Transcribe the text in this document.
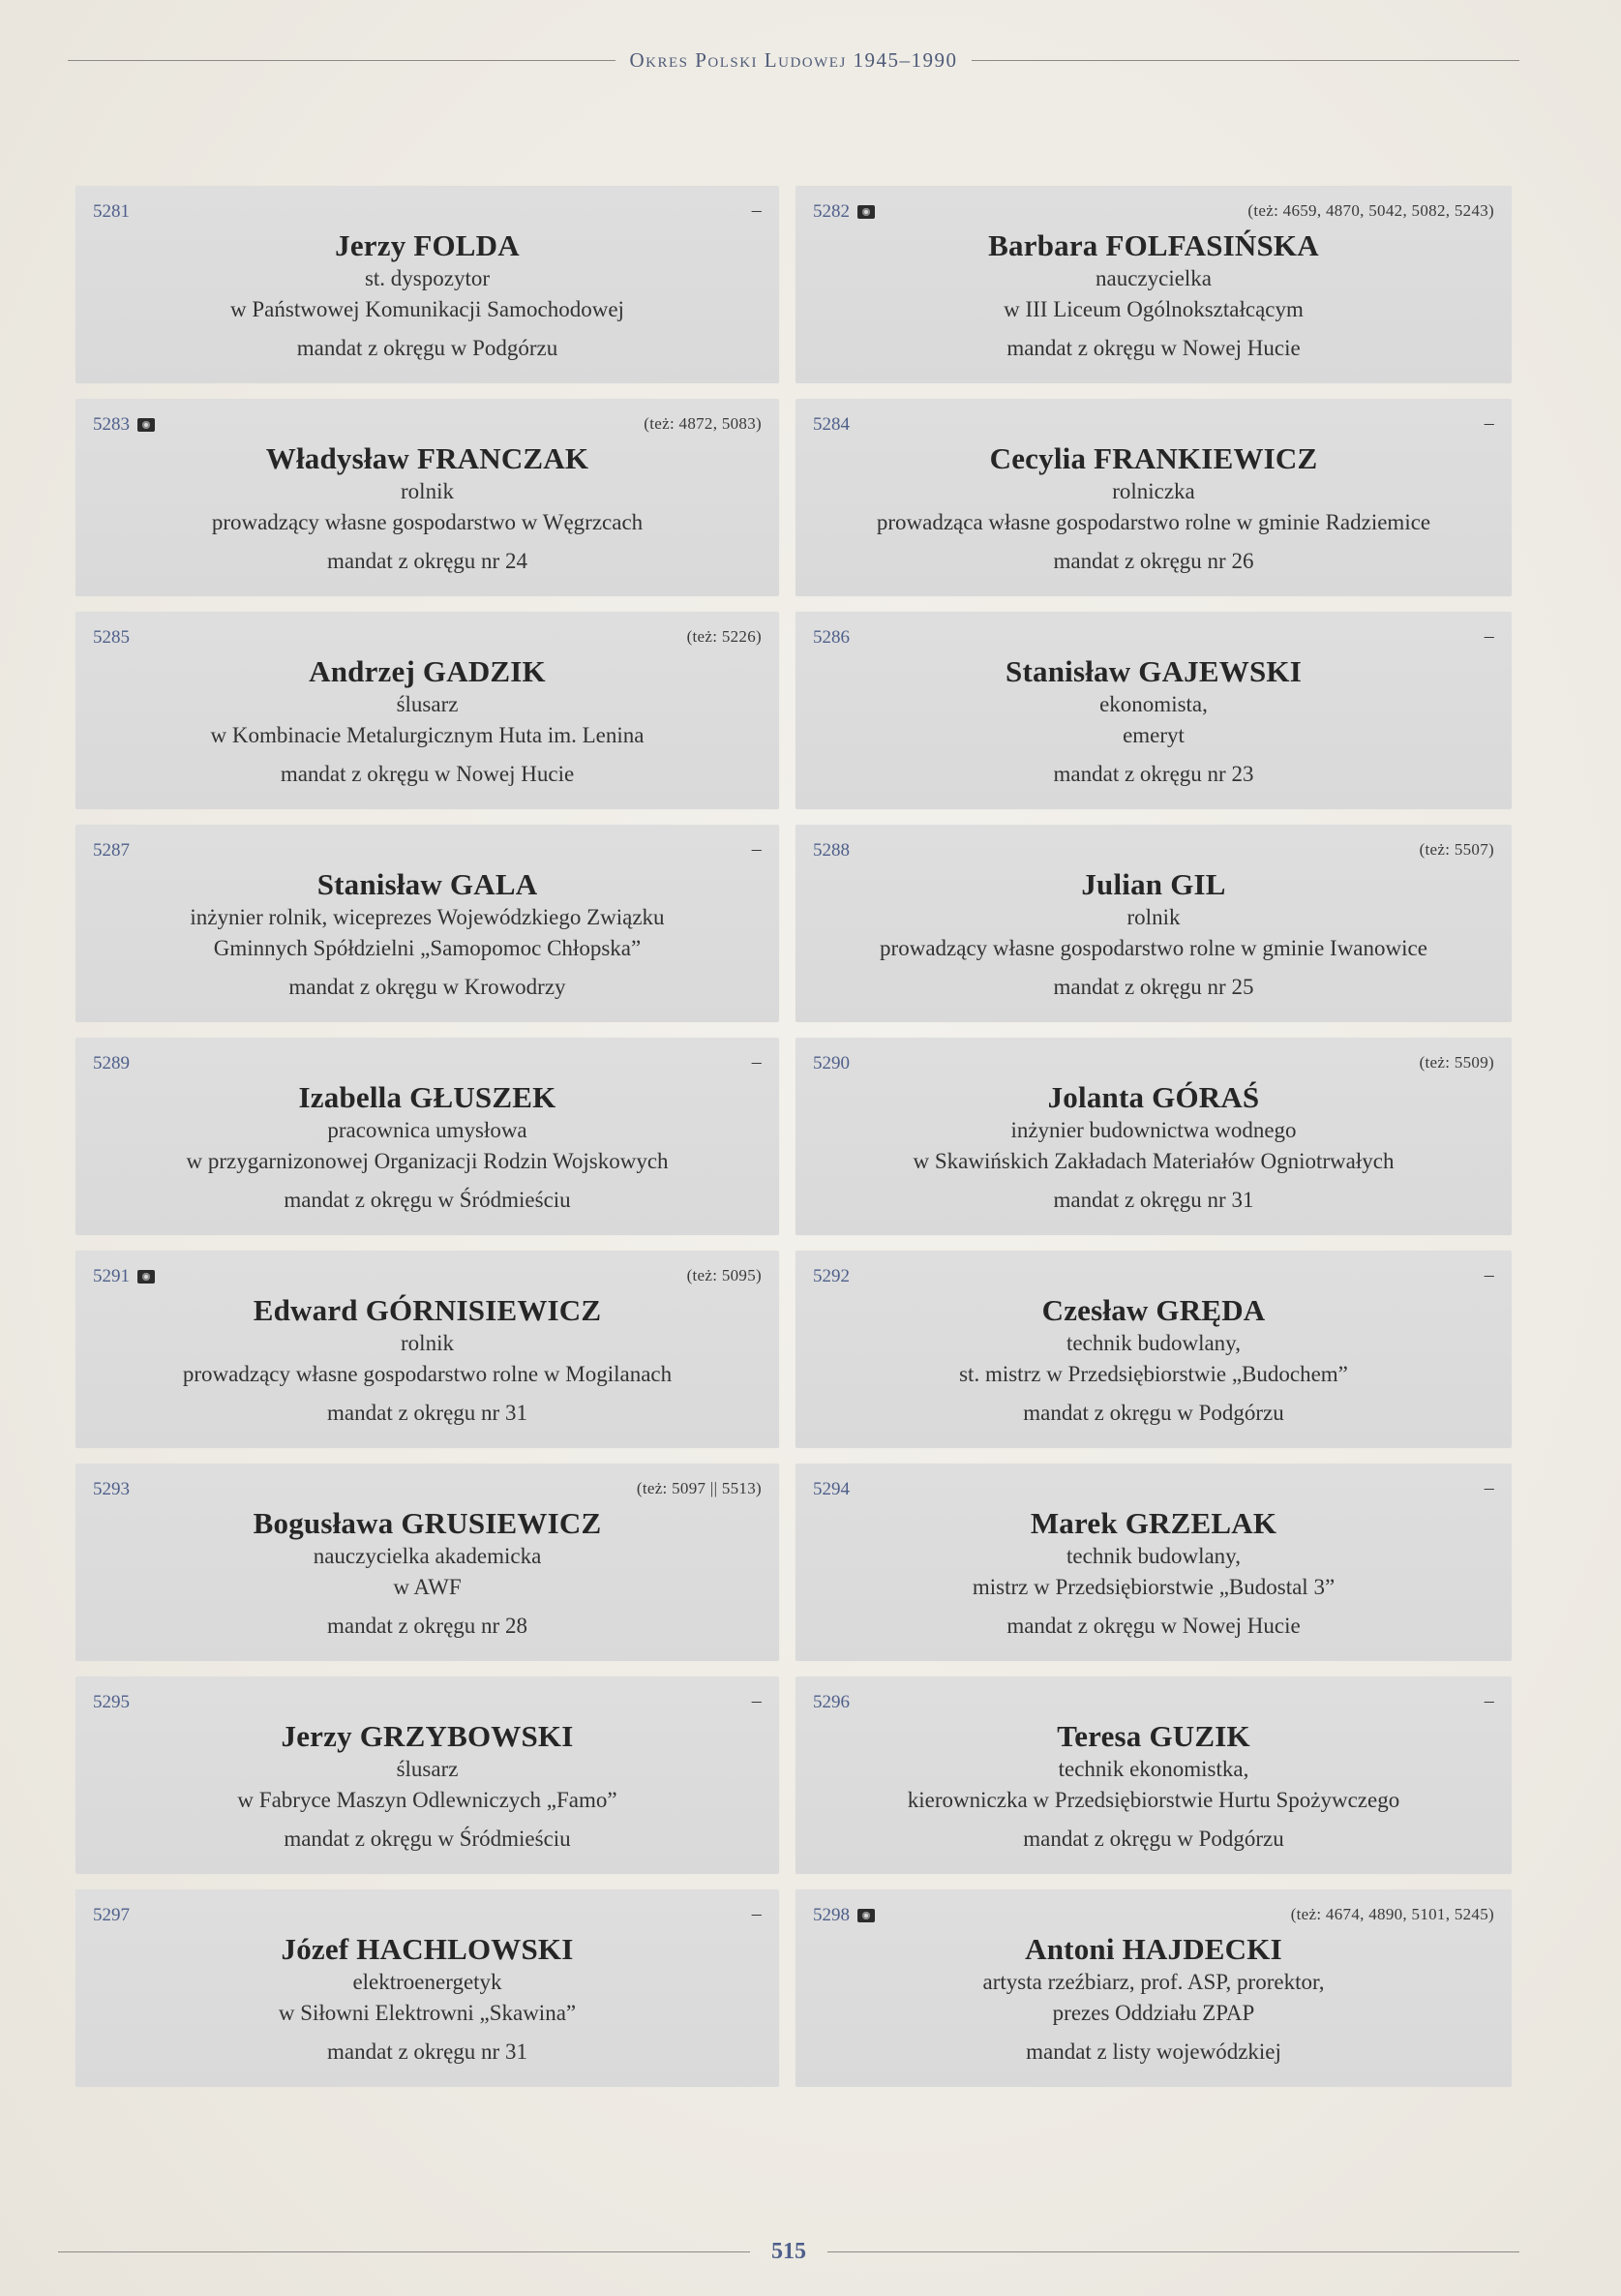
Okres Polski Ludowej 1945–1990
5281	–
Jerzy FOLDA
st. dyspozytor
w Państwowej Komunikacji Samochodowej
mandat z okręgu w Podgórzu
5282	(też: 4659, 4870, 5042, 5082, 5243)
Barbara FOLFASIŃSKA
nauczycielka
w III Liceum Ogólnokształcącym
mandat z okręgu w Nowej Hucie
5283	(też: 4872, 5083)
Władysław FRANCZAK
rolnik
prowadzący własne gospodarstwo w Węgrzcach
mandat z okręgu nr 24
5284	–
Cecylia FRANKIEWICZ
rolniczka
prowadząca własne gospodarstwo rolne w gminie Radziemice
mandat z okręgu nr 26
5285	(też: 5226)
Andrzej GADZIK
ślusarz
w Kombinacie Metalurgicznym Huta im. Lenina
mandat z okręgu w Nowej Hucie
5286	–
Stanisław GAJEWSKI
ekonomista,
emeryt
mandat z okręgu nr 23
5287	–
Stanisław GALA
inżynier rolnik, wiceprezes Wojewódzkiego Związku
Gminnych Spółdzielni „Samopomoc Chłopska”
mandat z okręgu w Krowodrzy
5288	(też: 5507)
Julian GIL
rolnik
prowadzący własne gospodarstwo rolne w gminie Iwanowice
mandat z okręgu nr 25
5289	–
Izabella GŁUSZEK
pracownica umysłowa
w przygarnizonowej Organizacji Rodzin Wojskowych
mandat z okręgu w Śródmieściu
5290	(też: 5509)
Jolanta GÓRAŚ
inżynier budownictwa wodnego
w Skawińskich Zakładach Materiałów Ogniotrwałych
mandat z okręgu nr 31
5291	(też: 5095)
Edward GÓRNISIEWICZ
rolnik
prowadzący własne gospodarstwo rolne w Mogilanach
mandat z okręgu nr 31
5292	–
Czesław GRĘDA
technik budowlany,
st. mistrz w Przedsiębiorstwie „Budochem”
mandat z okręgu w Podgórzu
5293	(też: 5097 || 5513)
Bogusława GRUSIEWICZ
nauczycielka akademicka
w AWF
mandat z okręgu nr 28
5294	–
Marek GRZELAK
technik budowlany,
mistrz w Przedsiębiorstwie „Budostal 3”
mandat z okręgu w Nowej Hucie
5295	–
Jerzy GRZYBOWSKI
ślusarz
w Fabryce Maszyn Odlewniczych „Famo”
mandat z okręgu w Śródmieściu
5296	–
Teresa GUZIK
technik ekonomistka,
kierowniczka w Przedsiębiorstwie Hurtu Spożywczego
mandat z okręgu w Podgórzu
5297	–
Józef HACHLOWSKI
elektroenergetyk
w Siłowni Elektrowni „Skawina”
mandat z okręgu nr 31
5298	(też: 4674, 4890, 5101, 5245)
Antoni HAJDECKI
artysta rzeźbiarz, prof. ASP, prorektor,
prezes Oddziału ZPAP
mandat z listy wojewódzkiej
515
